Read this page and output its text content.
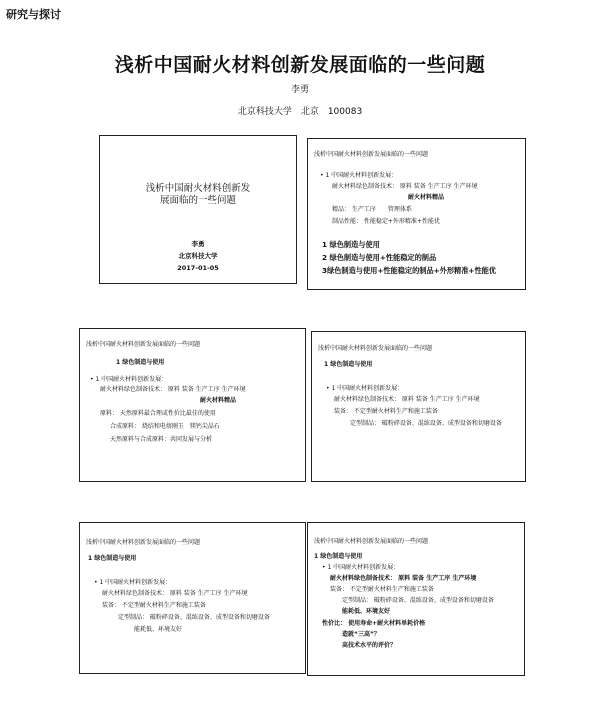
研究与探讨
浅析中国耐火材料创新发展面临的一些问题
李勇
北京科技大学　北京　100083
浅析中国耐火材料创新发
展面临的一些问题
李勇
北京科技大学
2017-01-05
浅析中国耐火材料创新发展面临的一些问题
• 1 中国耐火材料创新发展：
耐火材料绿色制备技术： 原料 装备 生产工序 生产环境
耐火材料精品
精品： 生产工序　　管理体系
制品性能： 性能稳定+外形精准+性能优
1 绿色制造与使用
2 绿色制造与使用+性能稳定的制品
3绿色制造与使用+性能稳定的制品+外形精准+性能优
浅析中国耐火材料创新发展面临的一些问题
1 绿色制造与使用
• 1 中国耐火材料创新发展：
耐火材料绿色制备技术： 原料 装备 生产工序 生产环境
耐火材料精品
原料： 天然原料最合理或性价比最佳的使用
合成原料： 烧结和电熔刚玉　镁钙尖晶石
天然原料与合成原料：共同发展与分析
浅析中国耐火材料创新发展面临的一些问题
1 绿色制造与使用
• 1 中国耐火材料创新发展：
耐火材料绿色制备技术： 原料 装备 生产工序 生产环境
装备： 不定型耐火材料生产和施工装备
定型制品： 破粉碎设备、混练设备、成型设备和切磨设备
浅析中国耐火材料创新发展面临的一些问题
1 绿色制造与使用
• 1 中国耐火材料创新发展：
耐火材料绿色制备技术： 原料 装备 生产工序 生产环境
装备： 不定型耐火材料生产和施工装备
定型制品： 破粉碎设备、混练设备、成型设备和切磨设备
能耗低、环境友好
浅析中国耐火材料创新发展面临的一些问题
1 绿色制造与使用
• 1 中国耐火材料创新发展：
耐火材料绿色制备技术： 原料 装备 生产工序 生产环境
装备： 不定型耐火材料生产和施工装备
定型制品： 破粉碎设备、混练设备、成型设备和切磨设备
能耗低、环境友好
性价比： 使用寿命+耐火材料单耗价格
造就“三高”？
高技术水平的评价？
